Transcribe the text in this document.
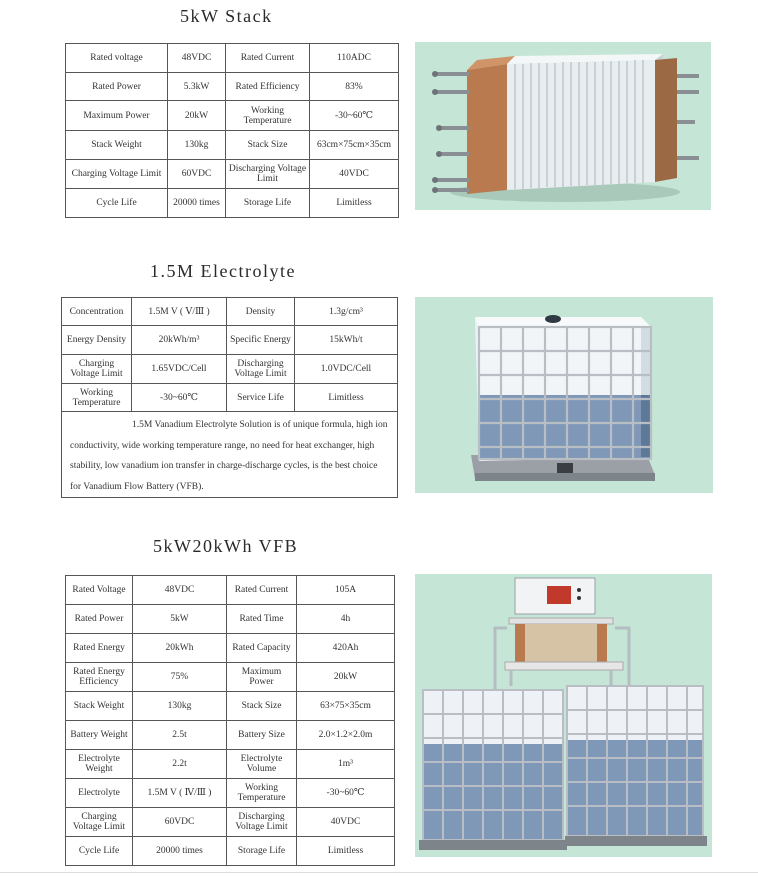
5kW Stack
Rated voltage	48VDC	Rated Current	110ADC
Rated Power	5.3kW	Rated Efficiency	83%
Maximum Power	20kW	Working Temperature	-30~60℃
Stack Weight	130kg	Stack Size	63cm×75cm×35cm
Charging Voltage Limit	60VDC	Discharging Voltage Limit	40VDC
Cycle Life	20000 times	Storage Life	Limitless
1.5M Electrolyte
Concentration	1.5M V ( Ⅴ/Ⅲ )	Density	1.3g/cm³
Energy Density	20kWh/m³	Specific Energy	15kWh/t
Charging Voltage Limit	1.65VDC/Cell	Discharging Voltage Limit	1.0VDC/Cell
Working Temperature	-30~60℃	Service Life	Limitless
1.5M Vanadium Electrolyte Solution is of unique formula, high ion conductivity, wide working temperature range, no need for heat exchanger, high stability, low vanadium ion transfer in charge-discharge cycles, is the best choice for Vanadium Flow Battery (VFB).			
5kW20kWh VFB
Rated Voltage	48VDC	Rated Current	105A
Rated Power	5kW	Rated Time	4h
Rated Energy	20kWh	Rated Capacity	420Ah
Rated Energy Efficiency	75%	Maximum Power	20kW
Stack Weight	130kg	Stack Size	63×75×35cm
Battery Weight	2.5t	Battery Size	2.0×1.2×2.0m
Electrolyte Weight	2.2t	Electrolyte Volume	1m³
Electrolyte	1.5M V ( Ⅳ/Ⅲ )	Working Temperature	-30~60℃
Charging Voltage Limit	60VDC	Discharging Voltage Limit	40VDC
Cycle Life	20000 times	Storage Life	Limitless
